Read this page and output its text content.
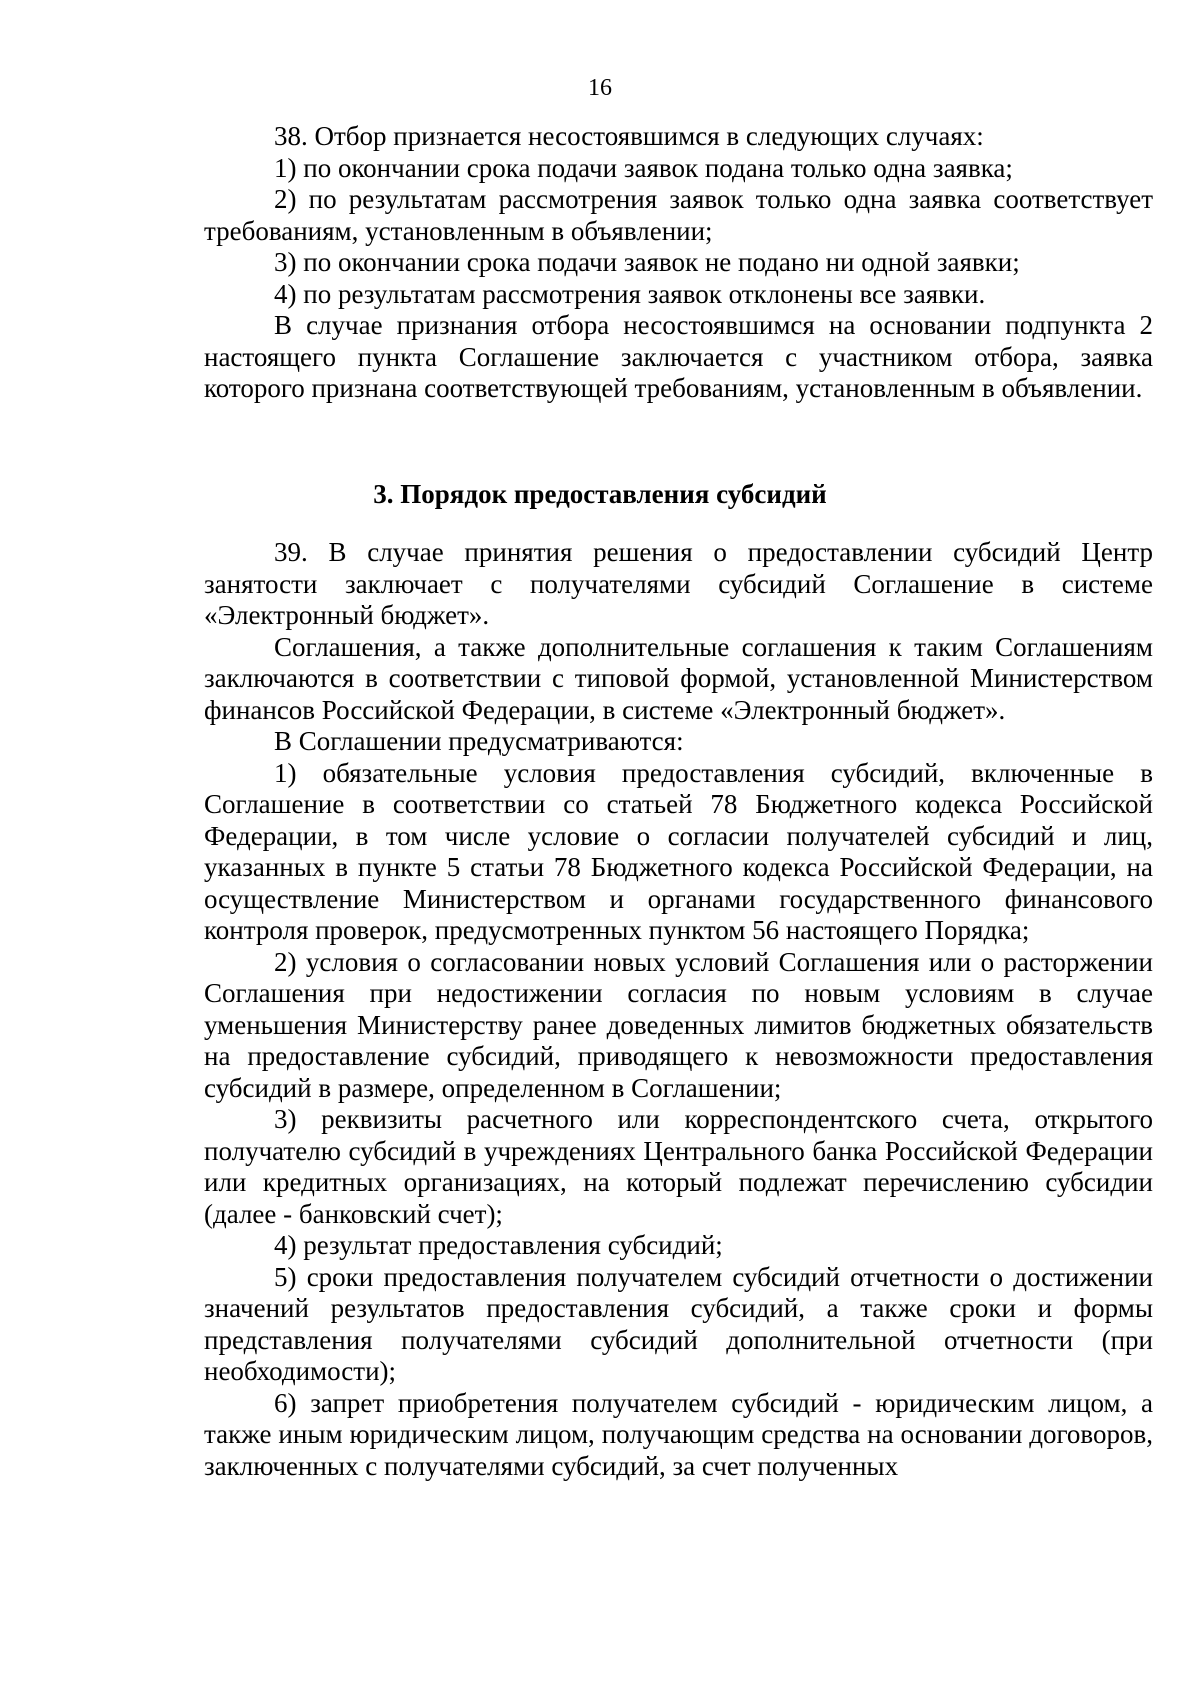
16

38. Отбор признается несостоявшимся в следующих случаях:

1) по окончании срока подачи заявок подана только одна заявка;

2) по результатам рассмотрения заявок только одна заявка соответствует требованиям, установленным в объявлении;

3) по окончании срока подачи заявок не подано ни одной заявки;

4) по результатам рассмотрения заявок отклонены все заявки.

В случае признания отбора несостоявшимся на основании подпункта 2 настоящего пункта Соглашение заключается с участником отбора, заявка которого признана соответствующей требованиям, установленным в объявлении.

3. Порядок предоставления субсидий

39. В случае принятия решения о предоставлении субсидий Центр занятости заключает с получателями субсидий Соглашение в системе «Электронный бюджет».

Соглашения, а также дополнительные соглашения к таким Соглашениям заключаются в соответствии с типовой формой, установленной Министерством финансов Российской Федерации, в системе «Электронный бюджет».

В Соглашении предусматриваются:

1) обязательные условия предоставления субсидий, включенные в Соглашение в соответствии со статьей 78 Бюджетного кодекса Российской Федерации, в том числе условие о согласии получателей субсидий и лиц, указанных в пункте 5 статьи 78 Бюджетного кодекса Российской Федерации, на осуществление Министерством и органами государственного финансового контроля проверок, предусмотренных пунктом 56 настоящего Порядка;

2) условия о согласовании новых условий Соглашения или о расторжении Соглашения при недостижении согласия по новым условиям в случае уменьшения Министерству ранее доведенных лимитов бюджетных обязательств на предоставление субсидий, приводящего к невозможности предоставления субсидий в размере, определенном в Соглашении;

3) реквизиты расчетного или корреспондентского счета, открытого получателю субсидий в учреждениях Центрального банка Российской Федерации или кредитных организациях, на который подлежат перечислению субсидии (далее - банковский счет);

4) результат предоставления субсидий;

5) сроки предоставления получателем субсидий отчетности о достижении значений результатов предоставления субсидий, а также сроки и формы представления получателями субсидий дополнительной отчетности (при необходимости);

6) запрет приобретения получателем субсидий - юридическим лицом, а также иным юридическим лицом, получающим средства на основании договоров, заключенных с получателями субсидий, за счет полученных
